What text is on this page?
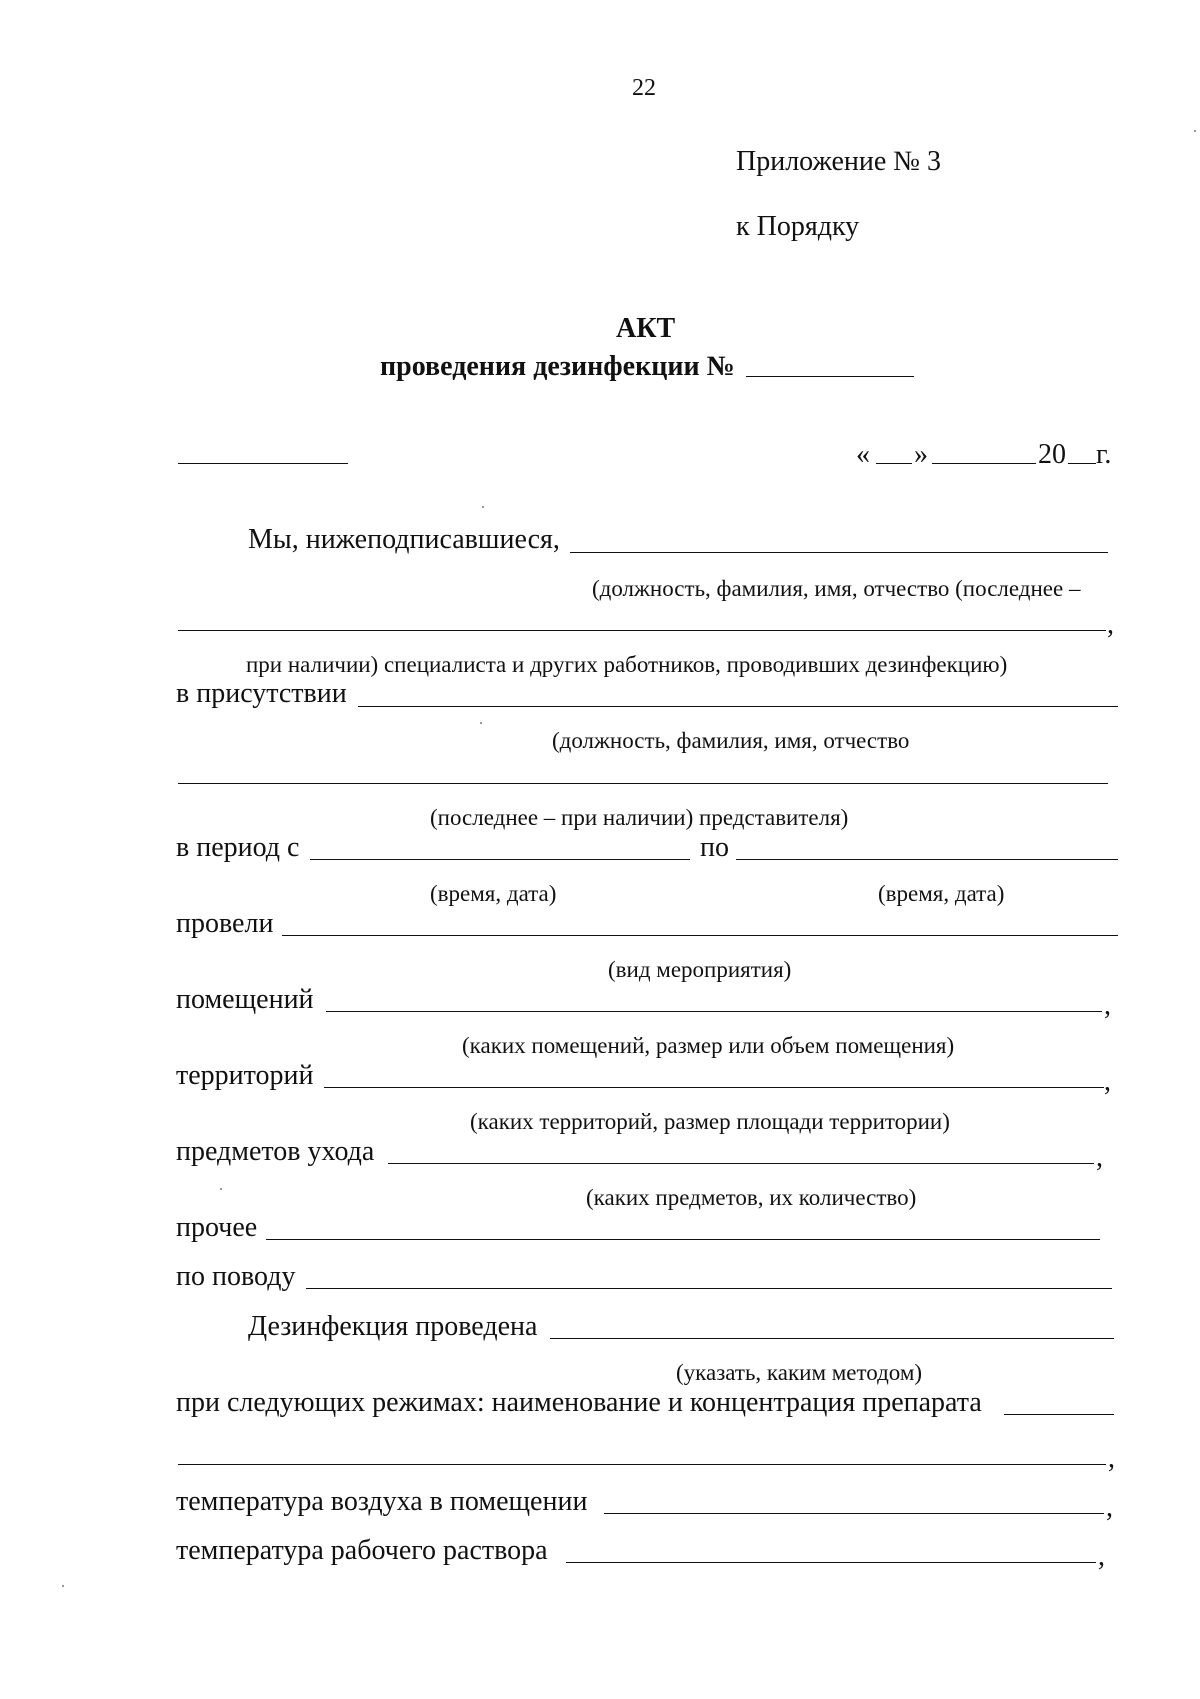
22
Приложение № 3
к Порядку
АКТ
проведения дезинфекции №
« »	20 г.
Мы, нижеподписавшиеся,
(должность, фамилия, имя, отчество (последнее –
,
при наличии) специалиста и других работников, проводивших дезинфекцию)
в присутствии
(должность, фамилия, имя, отчество
(последнее – при наличии) представителя)
в период с	по
(время, дата)	(время, дата)
провели
(вид мероприятия)
помещений	,
(каких помещений, размер или объем помещения)
территорий	,
(каких территорий, размер площади территории)
предметов ухода	,
(каких предметов, их количество)
прочее
по поводу
Дезинфекция проведена
(указать, каким методом)
при следующих режимах: наименование и концентрация препарата
,
температура воздуха в помещении	,
температура рабочего раствора	,
